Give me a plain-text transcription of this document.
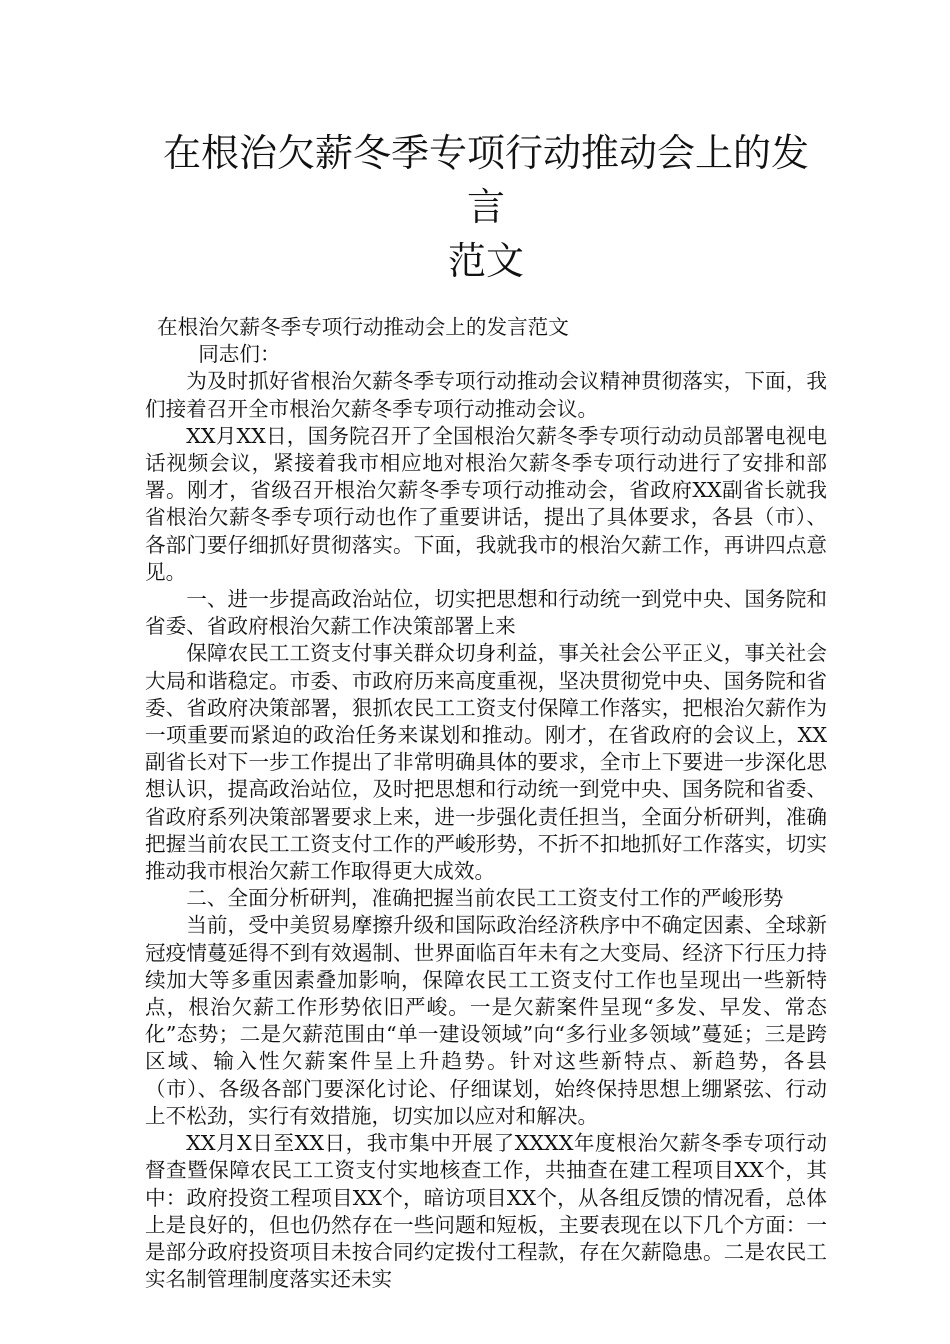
在根治欠薪冬季专项行动推动会上的发言
范文

在根治欠薪冬季专项行动推动会上的发言范文

同志们：

为及时抓好省根治欠薪冬季专项行动推动会议精神贯彻落实，下面，我们接着召开全市根治欠薪冬季专项行动推动会议。

XX月XX日，国务院召开了全国根治欠薪冬季专项行动动员部署电视电话视频会议，紧接着我市相应地对根治欠薪冬季专项行动进行了安排和部署。刚才，省级召开根治欠薪冬季专项行动推动会，省政府XX副省长就我省根治欠薪冬季专项行动也作了重要讲话，提出了具体要求，各县（市）、各部门要仔细抓好贯彻落实。下面，我就我市的根治欠薪工作，再讲四点意见。

一、进一步提高政治站位，切实把思想和行动统一到党中央、国务院和省委、省政府根治欠薪工作决策部署上来

保障农民工工资支付事关群众切身利益，事关社会公平正义，事关社会大局和谐稳定。市委、市政府历来高度重视，坚决贯彻党中央、国务院和省委、省政府决策部署，狠抓农民工工资支付保障工作落实，把根治欠薪作为一项重要而紧迫的政治任务来谋划和推动。刚才，在省政府的会议上，XX副省长对下一步工作提出了非常明确具体的要求，全市上下要进一步深化思想认识，提高政治站位，及时把思想和行动统一到党中央、国务院和省委、省政府系列决策部署要求上来，进一步强化责任担当，全面分析研判，准确把握当前农民工工资支付工作的严峻形势，不折不扣地抓好工作落实，切实推动我市根治欠薪工作取得更大成效。

二、全面分析研判，准确把握当前农民工工资支付工作的严峻形势

当前，受中美贸易摩擦升级和国际政治经济秩序中不确定因素、全球新冠疫情蔓延得不到有效遏制、世界面临百年未有之大变局、经济下行压力持续加大等多重因素叠加影响，保障农民工工资支付工作也呈现出一些新特点，根治欠薪工作形势依旧严峻。一是欠薪案件呈现“多发、早发、常态化”态势；二是欠薪范围由“单一建设领域”向“多行业多领域”蔓延；三是跨区域、输入性欠薪案件呈上升趋势。针对这些新特点、新趋势，各县（市）、各级各部门要深化讨论、仔细谋划，始终保持思想上绷紧弦、行动上不松劲，实行有效措施，切实加以应对和解决。

XX月X日至XX日，我市集中开展了XXXX年度根治欠薪冬季专项行动督查暨保障农民工工资支付实地核查工作，共抽查在建工程项目XX个，其中：政府投资工程项目XX个，暗访项目XX个，从各组反馈的情况看，总体上是良好的，但也仍然存在一些问题和短板，主要表现在以下几个方面：一是部分政府投资项目未按合同约定拨付工程款，存在欠薪隐患。二是农民工实名制管理制度落实还未实
